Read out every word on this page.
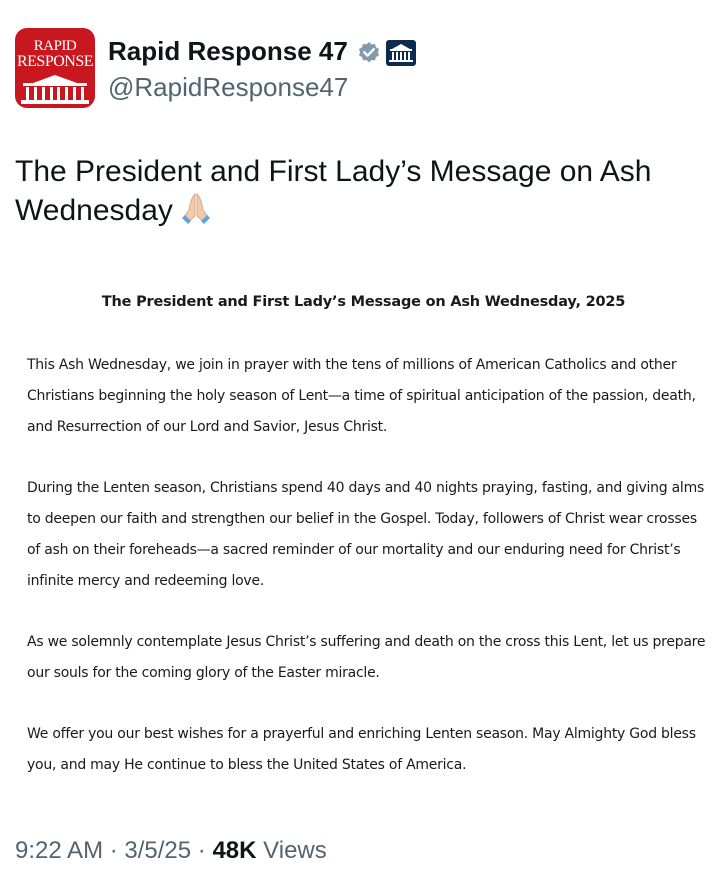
RAPID
RESPONSE Rapid Response 47
@RapidResponse47
The President and First Lady’s Message on Ash Wednesday
The President and First Lady’s Message on Ash Wednesday, 2025

This Ash Wednesday, we join in prayer with the tens of millions of American Catholics and other Christians beginning the holy season of Lent—a time of spiritual anticipation of the passion, death, and Resurrection of our Lord and Savior, Jesus Christ.

During the Lenten season, Christians spend 40 days and 40 nights praying, fasting, and giving alms to deepen our faith and strengthen our belief in the Gospel. Today, followers of Christ wear crosses of ash on their foreheads—a sacred reminder of our mortality and our enduring need for Christ’s infinite mercy and redeeming love.

As we solemnly contemplate Jesus Christ’s suffering and death on the cross this Lent, let us prepare our souls for the coming glory of the Easter miracle.

We offer you our best wishes for a prayerful and enriching Lenten season. May Almighty God bless you, and may He continue to bless the United States of America.

9:22 AM · 3/5/25 · 48K Views
